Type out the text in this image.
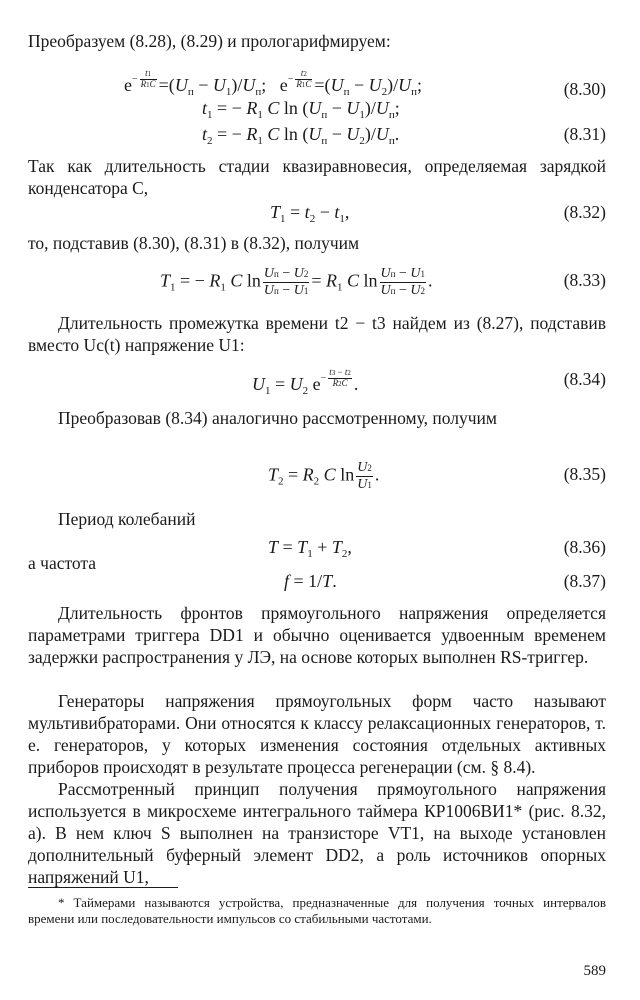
Преобразуем (8.28), (8.29) и прологарифмируем:
$e^{- \frac{t1}{R1C}} =(U_п - U_1)/U_п$;   $e^{- \frac{t2}{R1C}} =(U_п - U_2)/U_п$;	(8.30)
$t_1$ = − $R_1$ C $\ln (U_п - U_1)/U_п$;
$t_2$ = − $R_1$ C $\ln (U_п - U_2)/U_п$.	(8.31)
Так как длительность стадии квазиравновесия, определяемая зарядкой конденсатора C,
$T_1 = t_2 - t_1$,	(8.32)
то, подставив (8.30), (8.31) в (8.32), получим
$T_1$ = − $R_1$ C $\ln \frac{Uп - U2}{Uп - U1} = R_1$ C $\ln \frac{Uп - U1}{Uп - U2}$ .	(8.33)
Длительность промежутка времени t2 − t3 найдем из (8.27), подставив вместо Uc(t) напряжение U1:
$U_1 = U_2$ $e^{- \frac{t3 - t2}{R2C}}$ .	(8.34)
Преобразовав (8.34) аналогично рассмотренному, получим
$T_2 = R_2$ C $\ln \frac{U2}{U1}$ .	(8.35)
Период колебаний
$T = T_1 + T_2$,	(8.36)
а частота
f = 1/T.	(8.37)
Длительность фронтов прямоугольного напряжения определяется параметрами триггера DD1 и обычно оценивается удвоенным временем задержки распространения у ЛЭ, на основе которых выполнен RS-триггер.
Генераторы напряжения прямоугольных форм часто называют мультивибраторами. Они относятся к классу релаксационных генераторов, т. е. генераторов, у которых изменения состояния отдельных активных приборов происходят в результате процесса регенерации (см. § 8.4).
Рассмотренный принцип получения прямоугольного напряжения используется в микросхеме интегрального таймера КР1006ВИ1* (рис. 8.32, a). В нем ключ S выполнен на транзисторе VT1, на выходе установлен дополнительный буферный элемент DD2, а роль источников опорных напряжений U1,
* Таймерами называются устройства, предназначенные для получения точных интервалов времени или последовательности импульсов со стабильными частотами.
589
